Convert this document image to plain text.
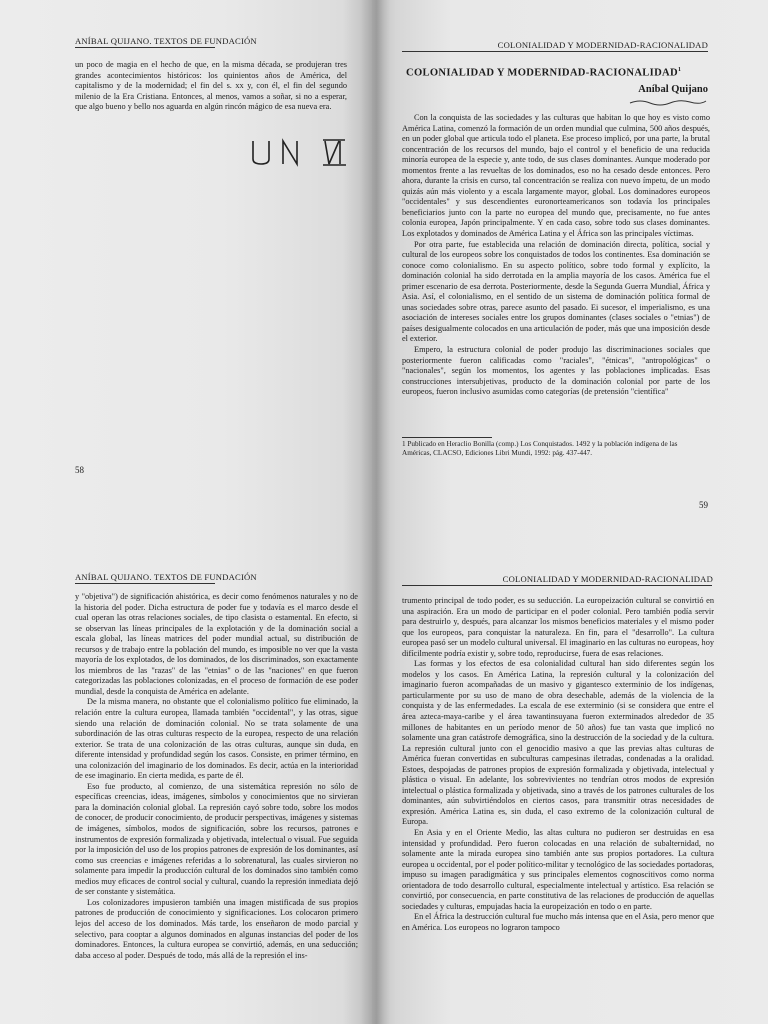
ANÍBAL QUIJANO. TEXTOS DE FUNDACIÓN

un poco de magia en el hecho de que, en la misma década, se produjeran tres grandes acontecimientos históricos: los quinientos años de América, del capitalismo y de la modernidad; el fin del s. xx y, con él, el fin del segundo milenio de la Era Cristiana. Entonces, al menos, vamos a soñar, si no a esperar, que algo bueno y bello nos aguarda en algún rincón mágico de esa nueva era.

58
COLONIALIDAD Y MODERNIDAD-RACIONALIDAD
COLONIALIDAD Y MODERNIDAD-RACIONALIDAD$^1$
Aníbal Quijano

Con la conquista de las sociedades y las culturas que habitan lo que hoy es visto como América Latina, comenzó la formación de un orden mundial que culmina, 500 años después, en un poder global que articula todo el planeta. Ese proceso implicó, por una parte, la brutal concentración de los recursos del mundo, bajo el control y el beneficio de una reducida minoría europea de la especie y, ante todo, de sus clases dominantes. Aunque moderado por momentos frente a las revueltas de los dominados, eso no ha cesado desde entonces. Pero ahora, durante la crisis en curso, tal concentración se realiza con nuevo ímpetu, de un modo quizás aún más violento y a escala largamente mayor, global. Los dominadores europeos "occidentales" y sus descendientes euronorteamericanos son todavía los principales beneficiarios junto con la parte no europea del mundo que, precisamente, no fue antes colonia europea, Japón principalmente. Y en cada caso, sobre todo sus clases dominantes. Los explotados y dominados de América Latina y el África son las principales víctimas.

Por otra parte, fue establecida una relación de dominación directa, política, social y cultural de los europeos sobre los conquistados de todos los continentes. Esa dominación se conoce como colonialismo. En su aspecto político, sobre todo formal y explícito, la dominación colonial ha sido derrotada en la amplia mayoría de los casos. América fue el primer escenario de esa derrota. Posteriormente, desde la Segunda Guerra Mundial, África y Asia. Así, el colonialismo, en el sentido de un sistema de dominación política formal de unas sociedades sobre otras, parece asunto del pasado. Ei sucesor, el imperialismo, es una asociación de intereses sociales entre los grupos dominantes (clases sociales o "etnias") de países desigualmente colocados en una articulación de poder, más que una imposición desde el exterior.

Empero, la estructura colonial de poder produjo las discriminaciones sociales que posteriormente fueron calificadas como "raciales", "étnicas", "antropológicas" o "nacionales", según los momentos, los agentes y las poblaciones implicadas. Esas construcciones intersubjetivas, producto de la dominación colonial por parte de los europeos, fueron inclusivo asumidas como categorías (de pretensión "científica"

1 Publicado en Heraclio Bonilla (comp.) Los Conquistados. 1492 y la población indígena de las Américas, CLACSO, Ediciones Libri Mundi, 1992: pág. 437-447.
59
ANÍBAL QUIJANO. TEXTOS DE FUNDACIÓN

y "objetiva") de significación ahistórica, es decir como fenómenos naturales y no de la historia del poder. Dicha estructura de poder fue y todavía es el marco desde el cual operan las otras relaciones sociales, de tipo clasista o estamental. En efecto, si se observan las líneas principales de la explotación y de la dominación social a escala global, las líneas matrices del poder mundial actual, su distribución de recursos y de trabajo entre la población del mundo, es imposible no ver que la vasta mayoría de los explotados, de los dominados, de los discriminados, son exactamente los miembros de las "razas" de las "etnias" o de las "naciones" en que fueron categorizadas las poblaciones colonizadas, en el proceso de formación de ese poder mundial, desde la conquista de América en adelante.

De la misma manera, no obstante que el colonialismo político fue eliminado, la relación entre la cultura europea, llamada también "occidental", y las otras, sigue siendo una relación de dominación colonial. No se trata solamente de una subordinación de las otras culturas respecto de la europea, respecto de una relación exterior. Se trata de una colonización de las otras culturas, aunque sin duda, en diferente intensidad y profundidad según los casos. Consiste, en primer término, en una colonización del imaginario de los dominados. Es decir, actúa en la interioridad de ese imaginario. En cierta medida, es parte de él.

Eso fue producto, al comienzo, de una sistemática represión no sólo de específicas creencias, ideas, imágenes, símbolos y conocimientos que no sirvieran para la dominación colonial global. La represión cayó sobre todo, sobre los modos de conocer, de producir conocimiento, de producir perspectivas, imágenes y sistemas de imágenes, símbolos, modos de significación, sobre los recursos, patrones e instrumentos de expresión formalizada y objetivada, intelectual o visual. Fue seguida por la imposición del uso de los propios patrones de expresión de los dominantes, así como sus creencias e imágenes referidas a lo sobrenatural, las cuales sirvieron no solamente para impedir la producción cultural de los dominados sino también como medios muy eficaces de control social y cultural, cuando la represión inmediata dejó de ser constante y sistemática.

Los colonizadores impusieron también una imagen mistificada de sus propios patrones de producción de conocimiento y significaciones. Los colocaron primero lejos del acceso de los dominados. Más tarde, los enseñaron de modo parcial y selectivo, para cooptar a algunos dominados en algunas instancias del poder de los dominadores. Entonces, la cultura europea se convirtió, además, en una seducción; daba acceso al poder. Después de todo, más allá de la represión el ins-

COLONIALIDAD Y MODERNIDAD-RACIONALIDAD

trumento principal de todo poder, es su seducción. La europeización cultural se convirtió en una aspiración. Era un modo de participar en el poder colonial. Pero también podía servir para destruirlo y, después, para alcanzar los mismos beneficios materiales y el mismo poder que los europeos, para conquistar la naturaleza. En fin, para el "desarrollo". La cultura europea pasó ser un modelo cultural universal. El imaginario en las culturas no europeas, hoy difícilmente podría existir y, sobre todo, reproducirse, fuera de esas relaciones.

Las formas y los efectos de esa colonialidad cultural han sido diferentes según los modelos y los casos. En América Latina, la represión cultural y la colonización del imaginario fueron acompañadas de un masivo y gigantesco exterminio de los indígenas, particularmente por su uso de mano de obra desechable, además de la violencia de la conquista y de las enfermedades. La escala de ese exterminio (si se considera que entre el área azteca-maya-caribe y el área tawantinsuyana fueron exterminados alrededor de 35 millones de habitantes en un período menor de 50 años) fue tan vasta que implicó no solamente una gran catástrofe demográfica, sino la destrucción de la sociedad y de la cultura. La represión cultural junto con el genocidio masivo a que las previas altas culturas de América fueran convertidas en subculturas campesinas iletradas, condenadas a la oralidad. Estoes, despojadas de patrones propios de expresión formalizada y objetivada, intelectual y plástica o visual. En adelante, los sobrevivientes no tendrían otros modos de expresión intelectual o plástica formalizada y objetivada, sino a través de los patrones culturales de los dominantes, aún subvirtiéndolos en ciertos casos, para transmitir otras necesidades de expresión. América Latina es, sin duda, el caso extremo de la colonización cultural de Europa.

En Asia y en el Oriente Medio, las altas cultura no pudieron ser destruidas en esa intensidad y profundidad. Pero fueron colocadas en una relación de subalternidad, no solamente ante la mirada europea sino también ante sus propios portadores. La cultura europea u occidental, por el poder político-militar y tecnológico de las sociedades portadoras, impuso su imagen paradigmática y sus principales elementos cognoscitivos como norma orientadora de todo desarrollo cultural, especialmente intelectual y artístico. Esa relación se convirtió, por consecuencia, en parte constitutiva de las relaciones de producción de aquellas sociedades y culturas, empujadas hacia la europeización en todo o en parte.

En el África la destrucción cultural fue mucho más intensa que en el Asia, pero menor que en América. Los europeos no lograron tampoco
